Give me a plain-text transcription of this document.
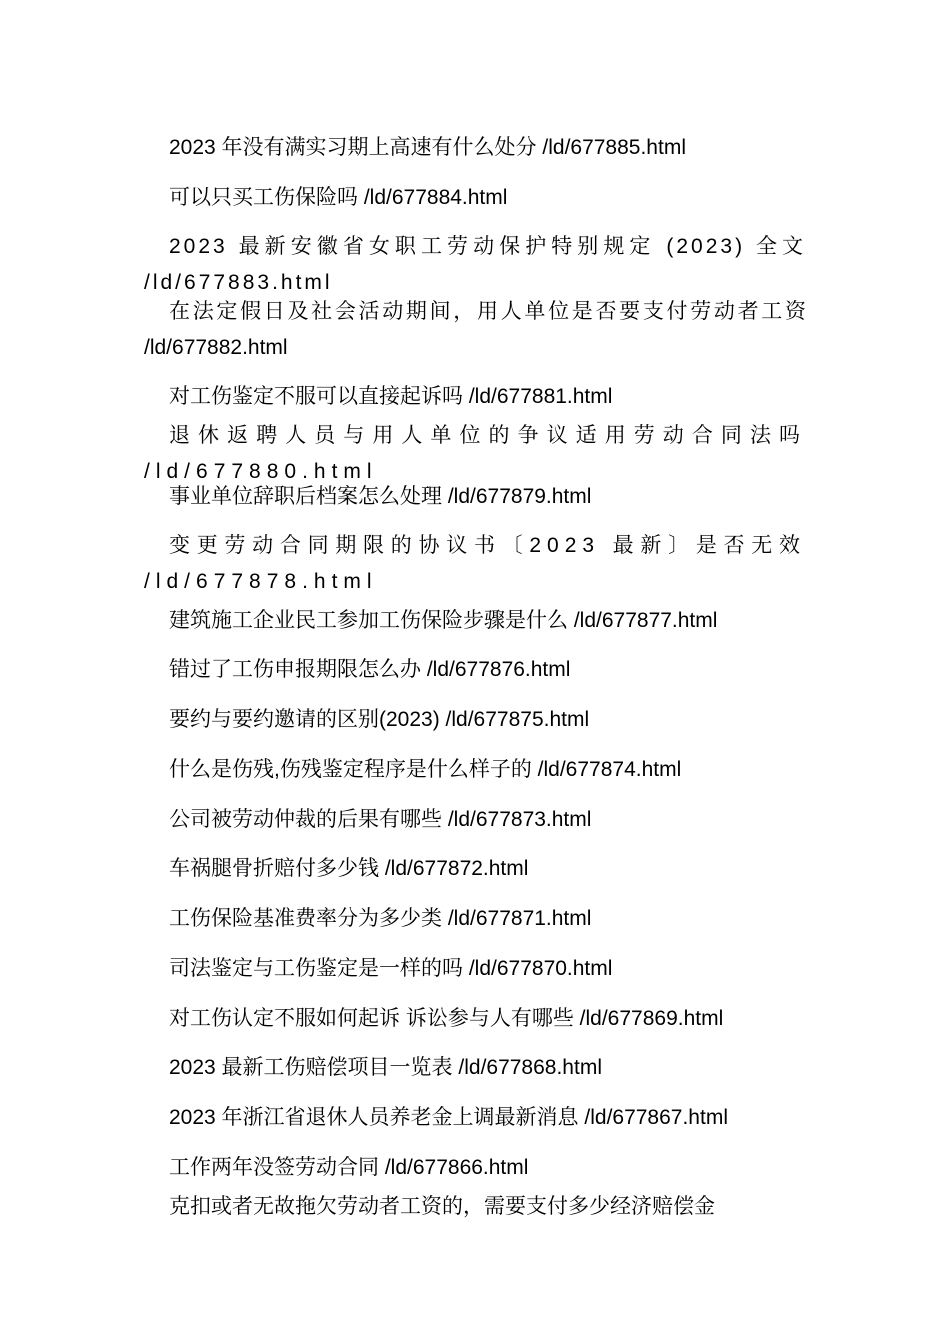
2023 年没有满实习期上高速有什么处分 /ld/677885.html
可以只买工伤保险吗 /ld/677884.html
2023 最新安徽省女职工劳动保护特别规定 (2023) 全文 /ld/677883.html
在法定假日及社会活动期间，用人单位是否要支付劳动者工资 /ld/677882.html
对工伤鉴定不服可以直接起诉吗 /ld/677881.html
退休返聘人员与用人单位的争议适用劳动合同法吗 /ld/677880.html
事业单位辞职后档案怎么处理 /ld/677879.html
变更劳动合同期限的协议书〔2023 最新〕是否无效 /ld/677878.html
建筑施工企业民工参加工伤保险步骤是什么 /ld/677877.html
错过了工伤申报期限怎么办 /ld/677876.html
要约与要约邀请的区别(2023) /ld/677875.html
什么是伤残,伤残鉴定程序是什么样子的 /ld/677874.html
公司被劳动仲裁的后果有哪些 /ld/677873.html
车祸腿骨折赔付多少钱 /ld/677872.html
工伤保险基准费率分为多少类 /ld/677871.html
司法鉴定与工伤鉴定是一样的吗 /ld/677870.html
对工伤认定不服如何起诉 诉讼参与人有哪些 /ld/677869.html
2023 最新工伤赔偿项目一览表 /ld/677868.html
2023 年浙江省退休人员养老金上调最新消息 /ld/677867.html
工作两年没签劳动合同 /ld/677866.html
克扣或者无故拖欠劳动者工资的，需要支付多少经济赔偿金
